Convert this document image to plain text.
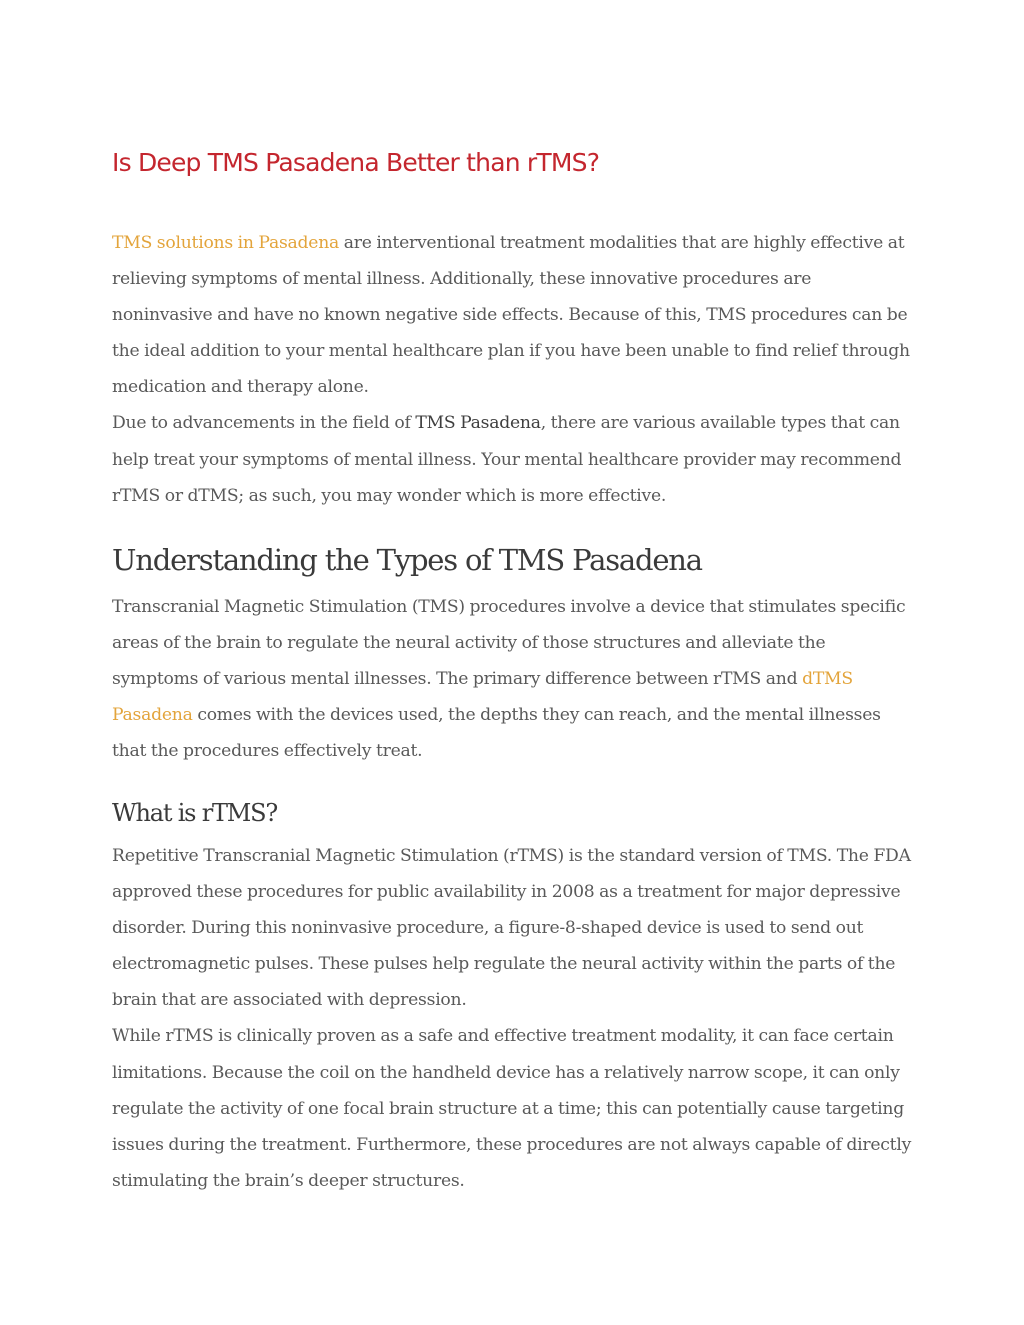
Is Deep TMS Pasadena Better than rTMS?

TMS solutions in Pasadena are interventional treatment modalities that are highly effective at relieving symptoms of mental illness. Additionally, these innovative procedures are noninvasive and have no known negative side effects. Because of this, TMS procedures can be the ideal addition to your mental healthcare plan if you have been unable to find relief through medication and therapy alone.

Due to advancements in the field of TMS Pasadena, there are various available types that can help treat your symptoms of mental illness. Your mental healthcare provider may recommend rTMS or dTMS; as such, you may wonder which is more effective.

Understanding the Types of TMS Pasadena

Transcranial Magnetic Stimulation (TMS) procedures involve a device that stimulates specific areas of the brain to regulate the neural activity of those structures and alleviate the symptoms of various mental illnesses. The primary difference between rTMS and dTMS Pasadena comes with the devices used, the depths they can reach, and the mental illnesses that the procedures effectively treat.

What is rTMS?

Repetitive Transcranial Magnetic Stimulation (rTMS) is the standard version of TMS. The FDA approved these procedures for public availability in 2008 as a treatment for major depressive disorder. During this noninvasive procedure, a figure-8-shaped device is used to send out electromagnetic pulses. These pulses help regulate the neural activity within the parts of the brain that are associated with depression.

While rTMS is clinically proven as a safe and effective treatment modality, it can face certain limitations. Because the coil on the handheld device has a relatively narrow scope, it can only regulate the activity of one focal brain structure at a time; this can potentially cause targeting issues during the treatment. Furthermore, these procedures are not always capable of directly stimulating the brain’s deeper structures.
